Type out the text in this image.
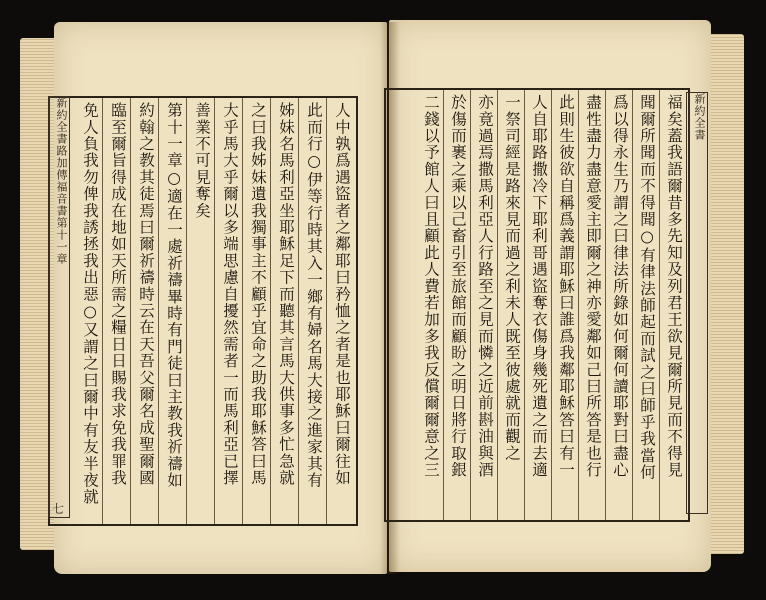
人中孰爲遇盜者之鄰耶曰矜恤之者是也耶穌曰爾往如
此而行○伊等行時其入一鄉有婦名馬大接之進家其有
姊妹名馬利亞坐耶穌足下而聽其言馬大供事多忙急就
之曰我姊妹遺我獨事主不顧乎宜命之助我耶穌答曰馬
大乎馬大乎爾以多端思慮自擾然需者一而馬利亞已擇
善業不可見奪矣
第十一章○適在一處祈禱畢時有門徒曰主教我祈禱如
約翰之教其徒焉曰爾祈禱時云在天吾父爾名成聖爾國
臨至爾旨得成在地如天所需之糧日日賜我求免我罪我
免人負我勿俾我誘拯我出惡○又謂之曰爾中有友半夜就
新約全書路加傳福音書第十一章
七
福矣蓋我語爾昔多先知及列君王欲見爾所見而不得見
聞爾所聞而不得聞○有律法師起而試之曰師乎我當何
爲以得永生乃謂之曰律法所錄如何爾何讀耶對曰盡心
盡性盡力盡意愛主即爾之神亦愛鄰如己曰所答是也行
此則生彼欲自稱爲義謂耶穌曰誰爲我鄰耶穌答曰有一
人自耶路撒冷下耶利哥遇盜奪衣傷身幾死遺之而去適
一祭司經是路來見而過之利未人既至彼處就而觀之
亦竟過焉撒馬利亞人行路至之見而憐之近前斟油與酒
於傷而裹之乘以己畜引至旅館而顧盼之明日將行取銀
二錢以予館人曰且顧此人費若加多我反償爾爾意之三	新約全書
